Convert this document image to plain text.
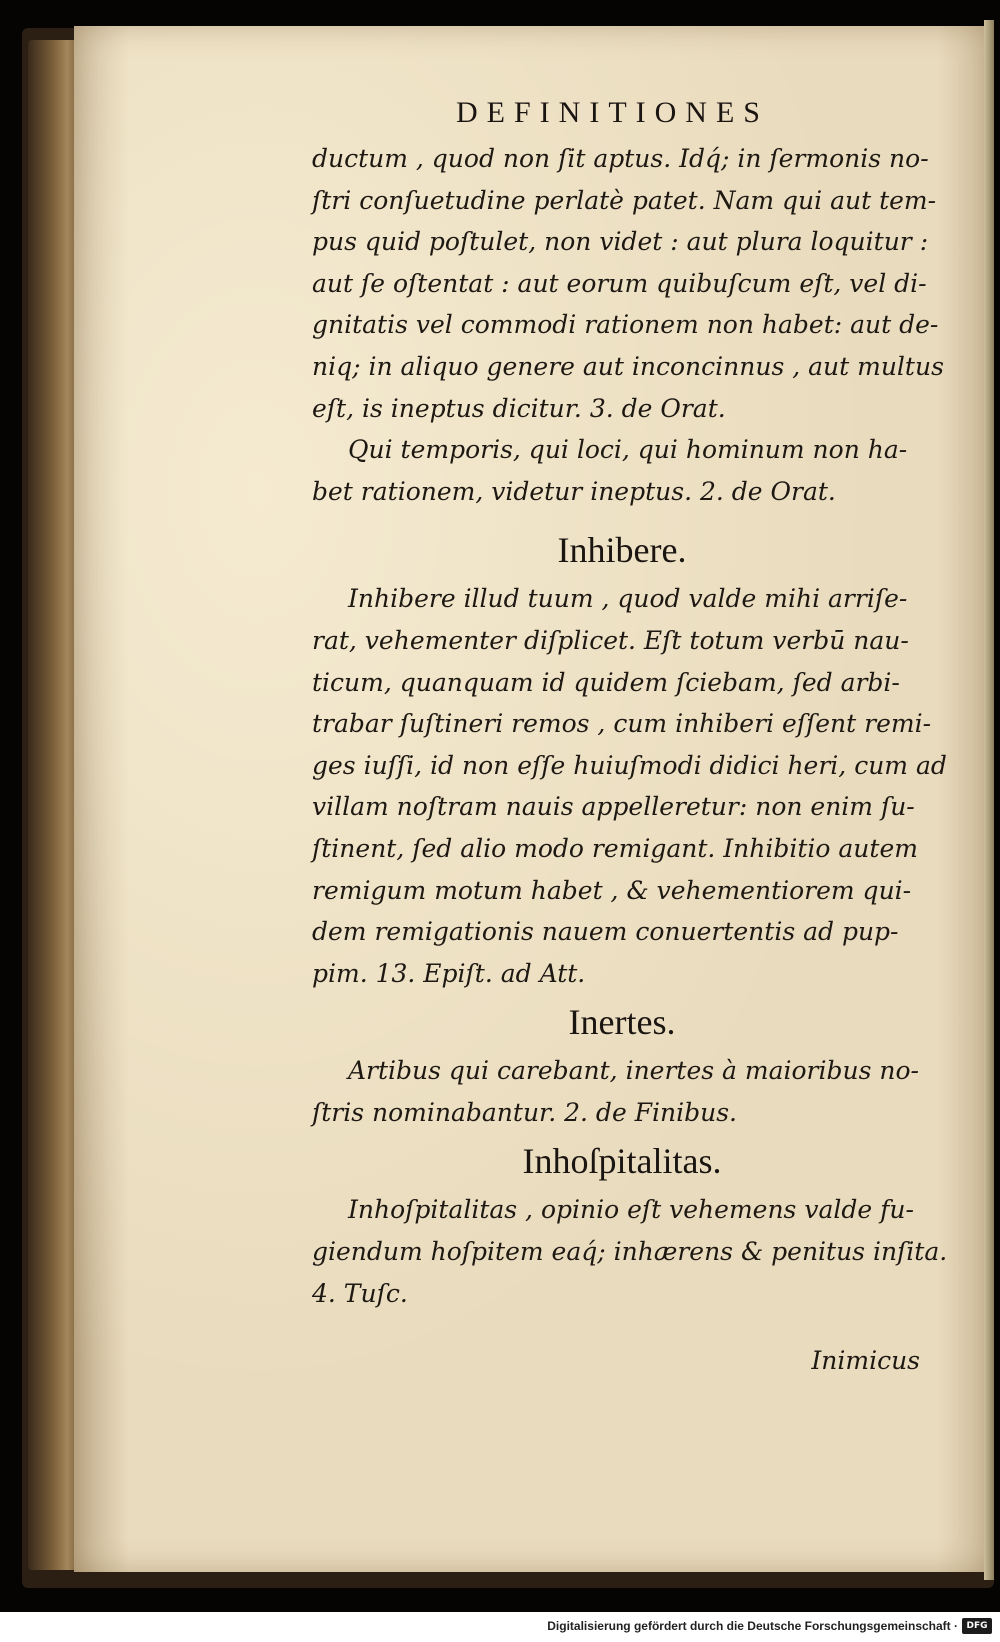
DEFINITIONES
ductum , quod non ſit aptus. Idq́; in ſermonis no-
ſtri conſuetudine perlatè patet. Nam qui aut tem-
pus quid poſtulet, non videt : aut plura loquitur :
aut ſe oſtentat : aut eorum quibuſcum eſt, vel di-
gnitatis vel commodi rationem non habet: aut de-
niq; in aliquo genere aut inconcinnus , aut multus
eſt, is ineptus dicitur. 3. de Orat.
Qui temporis, qui loci, qui hominum non ha-
bet rationem, videtur ineptus. 2. de Orat.
Inhibere.
Inhibere illud tuum , quod valde mihi arriſe-
rat, vehementer diſplicet. Eſt totum verbū nau-
ticum, quanquam id quidem ſciebam, ſed arbi-
trabar ſuſtineri remos , cum inhiberi eſſent remi-
ges iuſſi, id non eſſe huiuſmodi didici heri, cum ad
villam noſtram nauis appelleretur: non enim ſu-
ſtinent, ſed alio modo remigant. Inhibitio autem
remigum motum habet , & vehementiorem qui-
dem remigationis nauem conuertentis ad pup-
pim. 13. Epiſt. ad Att.
Inertes.
Artibus qui carebant, inertes à maioribus no-
ſtris nominabantur. 2. de Finibus.
Inhoſpitalitas.
Inhoſpitalitas , opinio eſt vehemens valde fu-
giendum hoſpitem eaq́; inhærens & penitus inſita.
4. Tuſc.
Inimicus
Digitalisierung gefördert durch die Deutsche Forschungsgemeinschaft · DFG
